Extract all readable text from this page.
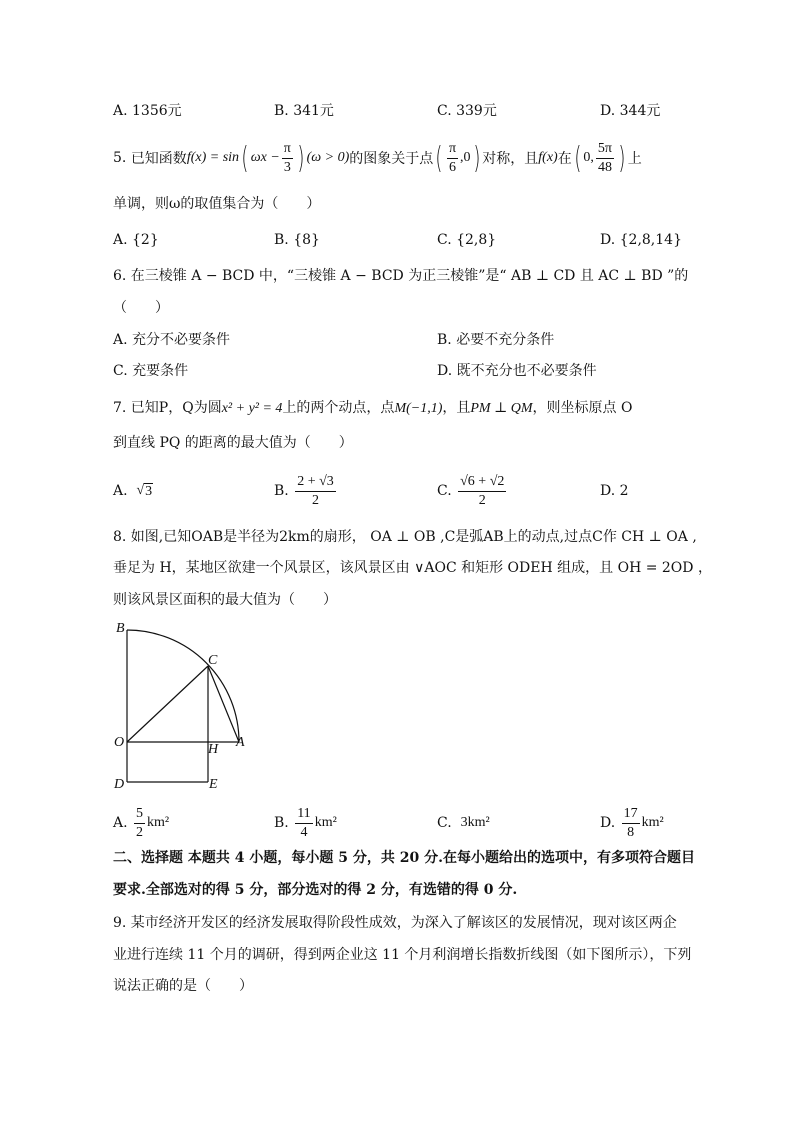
A. 1356元	B. 341元	C. 339元	D. 344元
5.
已知函数 f(x) = sin ( $\omega x - \frac{\pi}{3}$ ) (ω > 0) 的图象关于点 ( $\frac{\pi}{6} ,0$ ) 对称，且 f(x) 在 ( 0, $\frac{5\pi}{48}$ ) 上
单调，则ω的取值集合为（　　）
A. {2}	B. {8}	C. {2,8}	D. {2,8,14}
6. 在三棱锥 A − BCD 中，“三棱锥 A − BCD 为正三棱锥”是“ AB ⊥ CD 且 AC ⊥ BD ”的
（　　）
A. 充分不必要条件	B. 必要不充分条件
C. 充要条件	D. 既不充分也不必要条件
7. 已知P，Q为圆x² + y² = 4上的两个动点，点M(−1,1)，且PM ⊥ QM，则坐标原点 O
到直线 PQ 的距离的最大值为（　　）
A.
√ 3	B.
$\frac{2 + √3}{2}$	C.
$\frac{√6 + √2}{2}$	D. 2
8. 如图,已知OAB是半径为2km的扇形， OA ⊥ OB ,C是弧AB上的动点,过点C作 CH ⊥ OA ,
垂足为 H，某地区欲建一个风景区，该风景区由 ∨AOC 和矩形 ODEH 组成，且 OH = 2OD ，
则该风景区面积的最大值为（　　）
B
C
O	H A
D	E
A.
$\frac{5}{2} km^2$	B.
$\frac{11}{4} km^2$	C.
3km²	D.
$\frac{17}{8} km^2$
二、选择题 本题共 4 小题，每小题 5 分，共 20 分.在每小题给出的选项中，有多项符合题目
要求.全部选对的得 5 分，部分选对的得 2 分，有选错的得 0 分.
9. 某市经济开发区的经济发展取得阶段性成效，为深入了解该区的发展情况，现对该区两企
业进行连续 11 个月的调研，得到两企业这 11 个月利润增长指数折线图（如下图所示），下列
说法正确的是（　　）
